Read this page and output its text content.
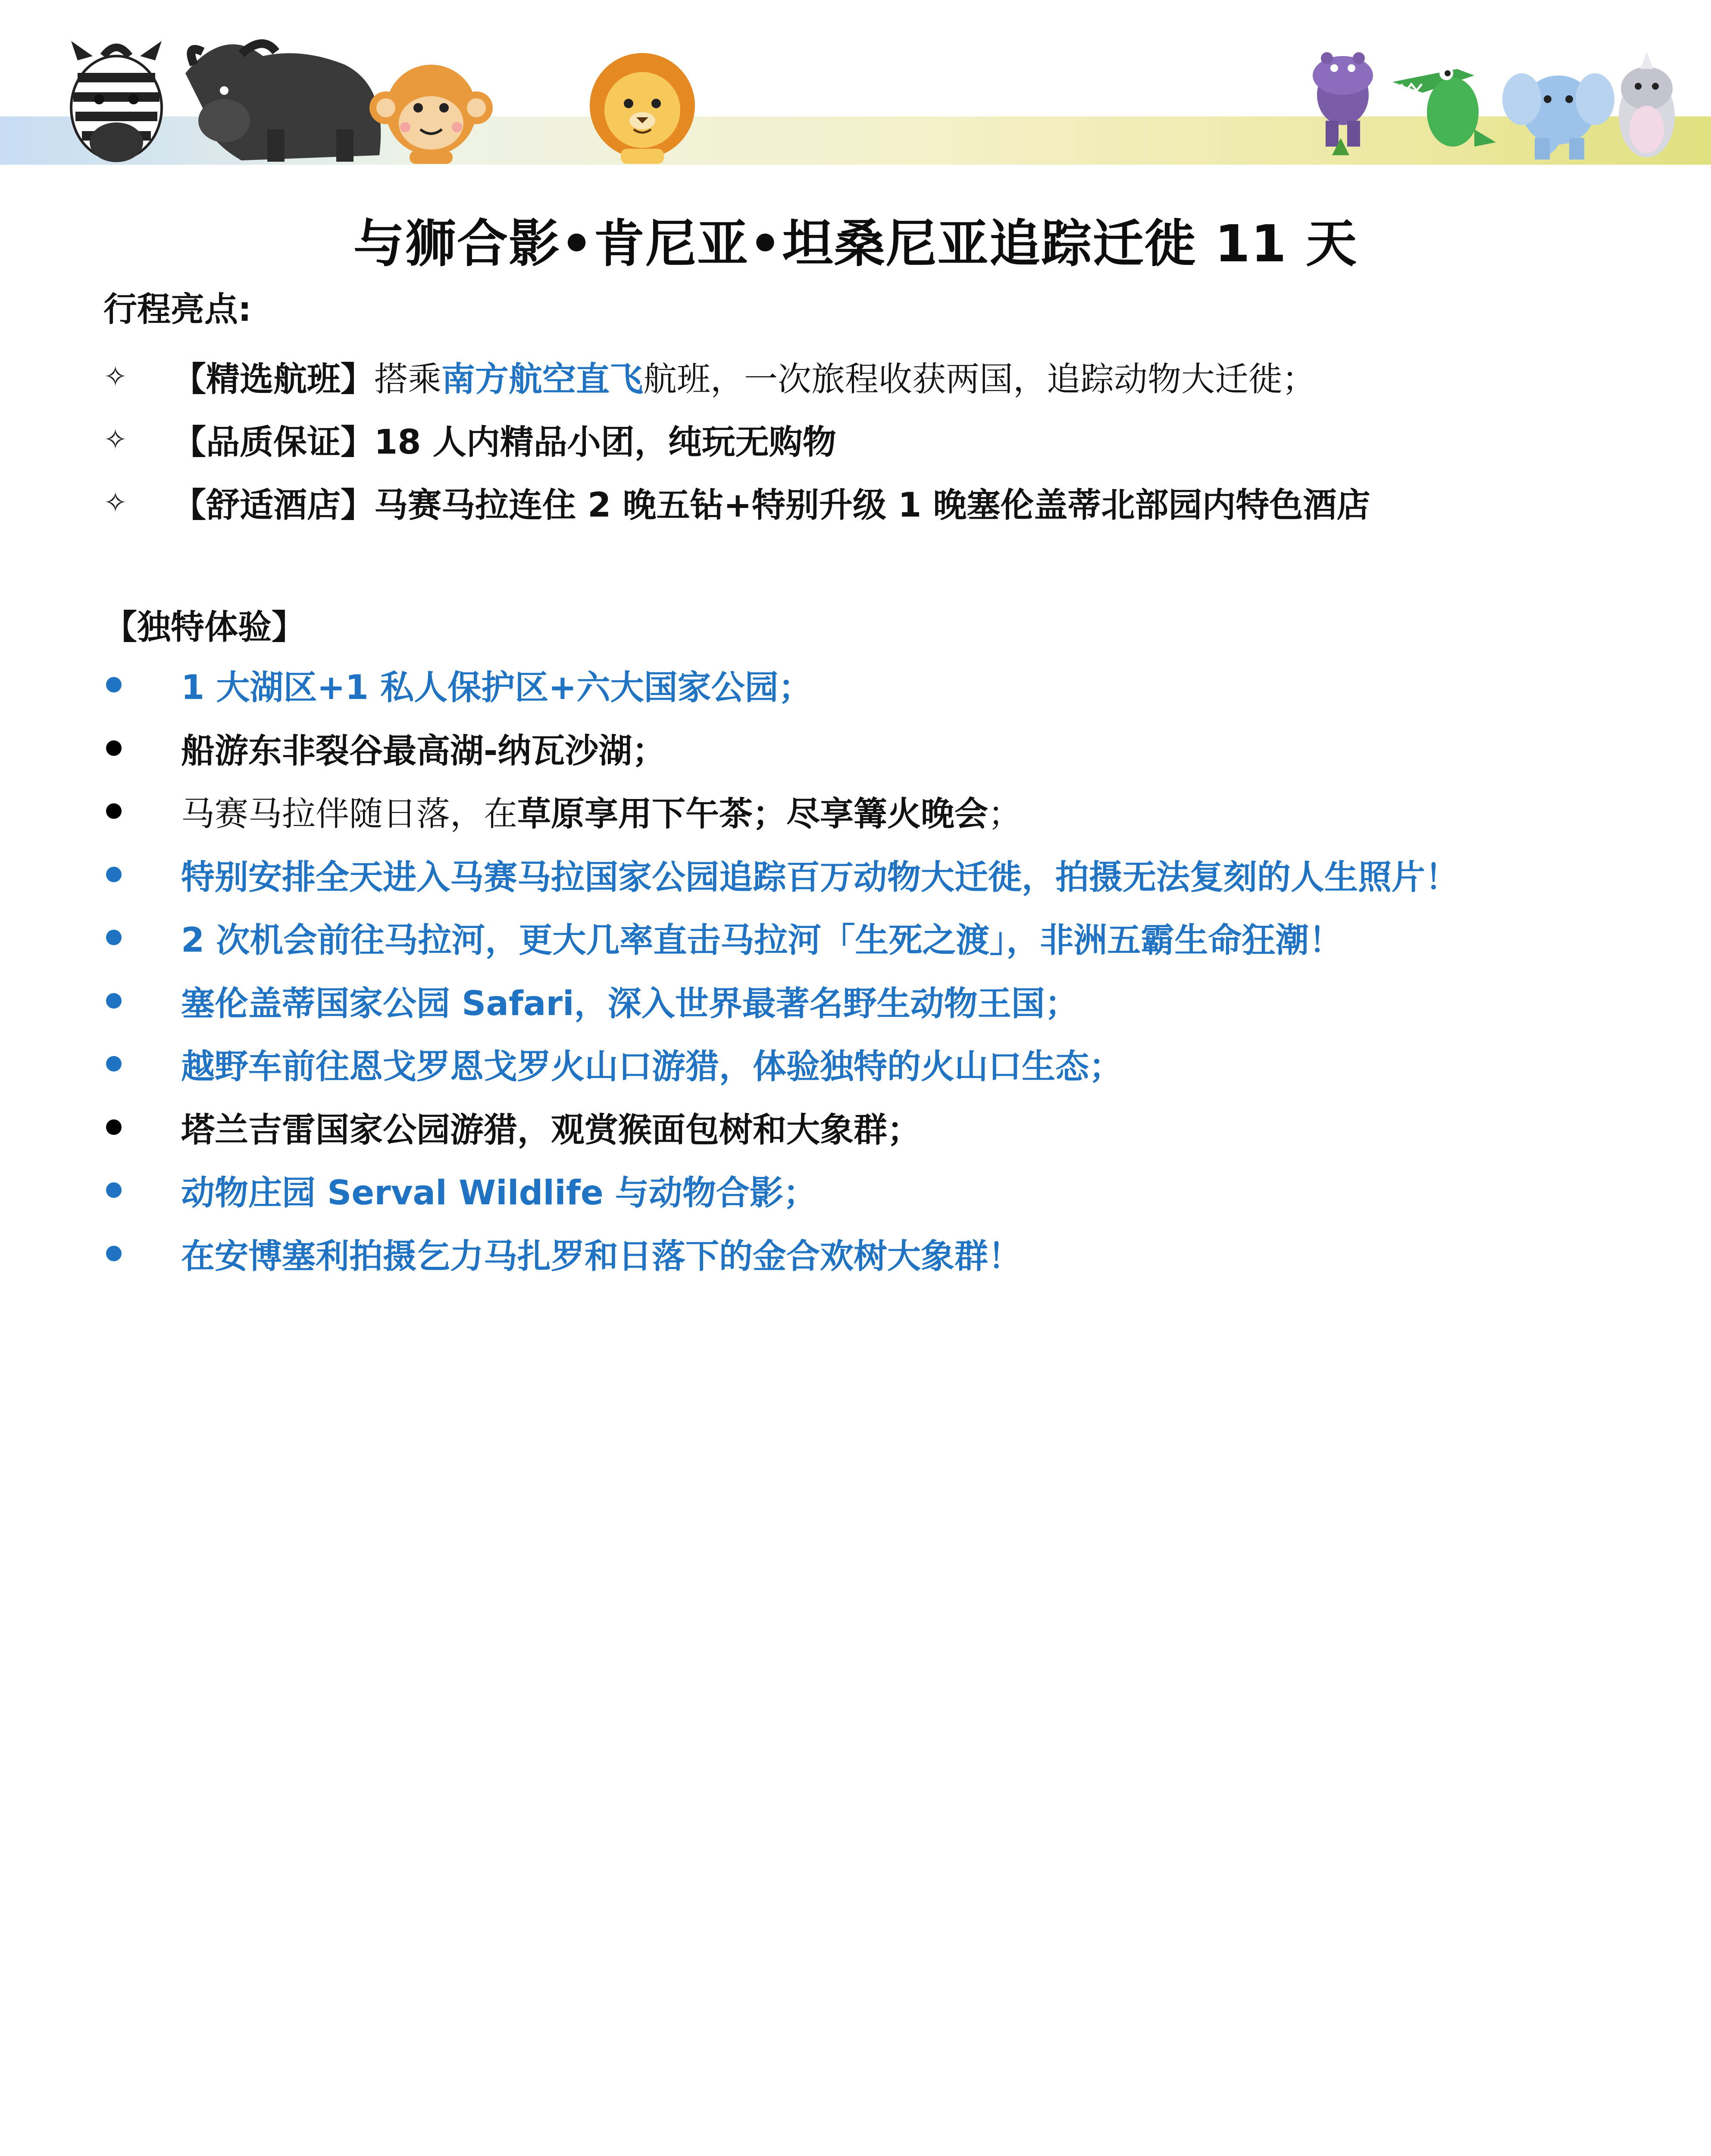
与狮合影•肯尼亚•坦桑尼亚追踪迁徙 11 天
行程亮点:
✧	【精选航班】 搭乘 南方航空直飞 航班，一次旅程收获两国，追踪动物大迁徙；
✧	【品质保证】 18 人内精品小团，纯玩无购物
✧	【舒适酒店】 马赛马拉连住 2 晚五钻+特别升级 1 晚塞伦盖蒂北部园内特色酒店
【独特体验】
1 大湖区+1 私人保护区+六大国家公园；
船游东非裂谷最高湖-纳瓦沙湖；
马赛马拉伴随日落，在 草原享用下午茶；尽享篝火晚会 ；
特别安排全天进入马赛马拉国家公园追踪百万动物大迁徙，拍摄无法复刻的人生照片！
2 次机会前往马拉河，更大几率直击马拉河「生死之渡」，非洲五霸生命狂潮！
塞伦盖蒂国家公园 Safari，深入世界最著名野生动物王国；
越野车前往恩戈罗恩戈罗火山口游猎，体验独特的火山口生态；
塔兰吉雷国家公园游猎，观赏猴面包树和大象群；
动物庄园 Serval Wildlife 与动物合影；
在安博塞利拍摄乞力马扎罗和日落下的金合欢树大象群！
